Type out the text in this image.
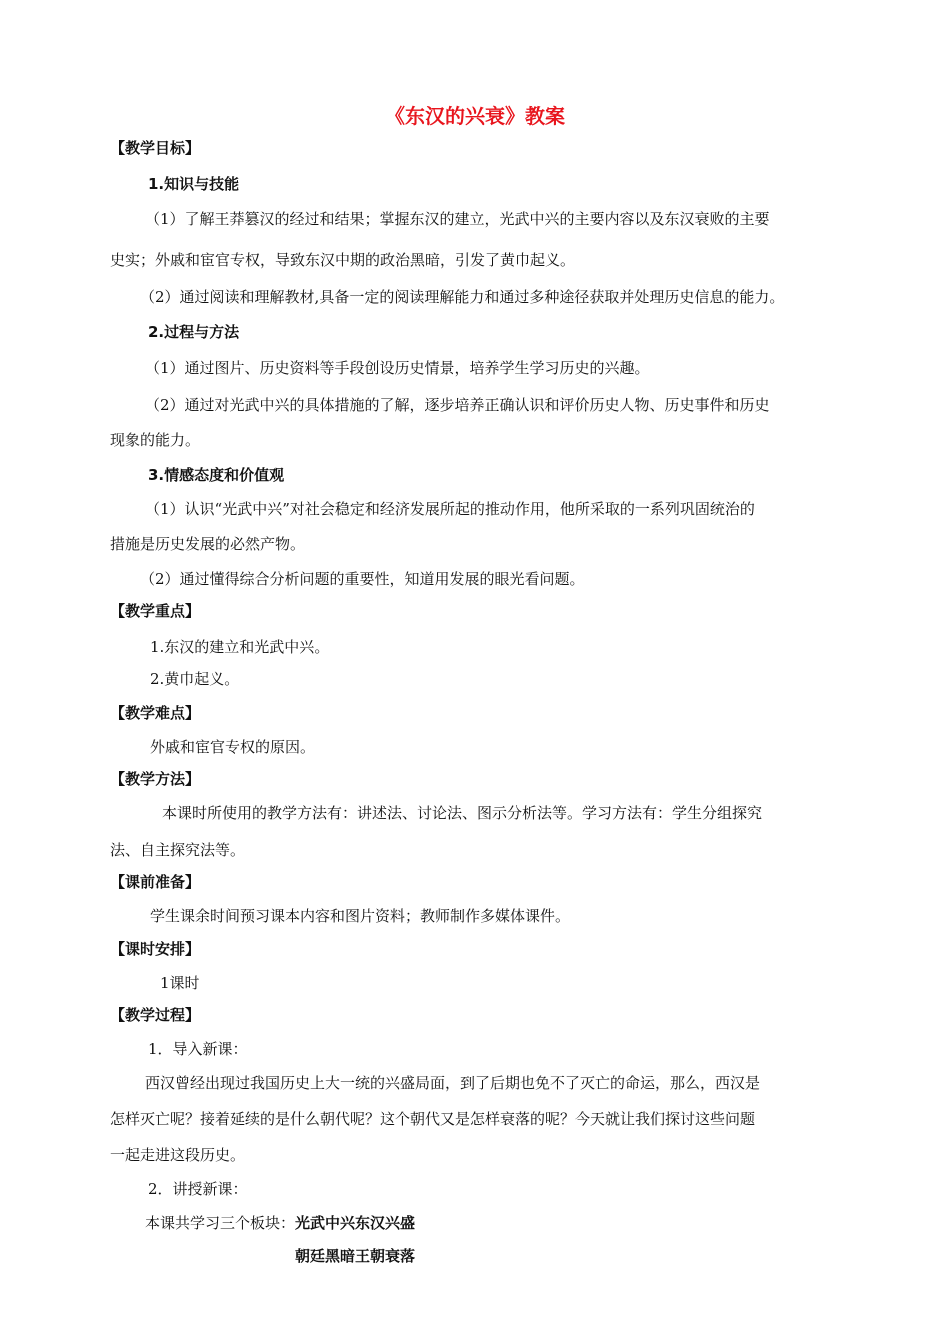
《东汉的兴衰》教案
【教学目标】
1.知识与技能
（1）了解王莽篡汉的经过和结果；掌握东汉的建立，光武中兴的主要内容以及东汉衰败的主要
史实；外戚和宦官专权，导致东汉中期的政治黑暗，引发了黄巾起义。
（2）通过阅读和理解教材,具备一定的阅读理解能力和通过多种途径获取并处理历史信息的能力。
2.过程与方法
（1）通过图片、历史资料等手段创设历史情景，培养学生学习历史的兴趣。
（2）通过对光武中兴的具体措施的了解，逐步培养正确认识和评价历史人物、历史事件和历史
现象的能力。
3.情感态度和价值观
（1）认识“光武中兴”对社会稳定和经济发展所起的推动作用，他所采取的一系列巩固统治的
措施是历史发展的必然产物。
（2）通过懂得综合分析问题的重要性，知道用发展的眼光看问题。
【教学重点】
1.东汉的建立和光武中兴。
2.黄巾起义。
【教学难点】
外戚和宦官专权的原因。
【教学方法】
本课时所使用的教学方法有：讲述法、讨论法、图示分析法等。学习方法有：学生分组探究
法、自主探究法等。
【课前准备】
学生课余时间预习课本内容和图片资料；教师制作多媒体课件。
【课时安排】
1课时
【教学过程】
1．导入新课：
西汉曾经出现过我国历史上大一统的兴盛局面，到了后期也免不了灭亡的命运，那么，西汉是
怎样灭亡呢？接着延续的是什么朝代呢？这个朝代又是怎样衰落的呢？今天就让我们探讨这些问题
一起走进这段历史。
2．讲授新课：
本课共学习三个板块：光武中兴东汉兴盛
朝廷黑暗王朝衰落
